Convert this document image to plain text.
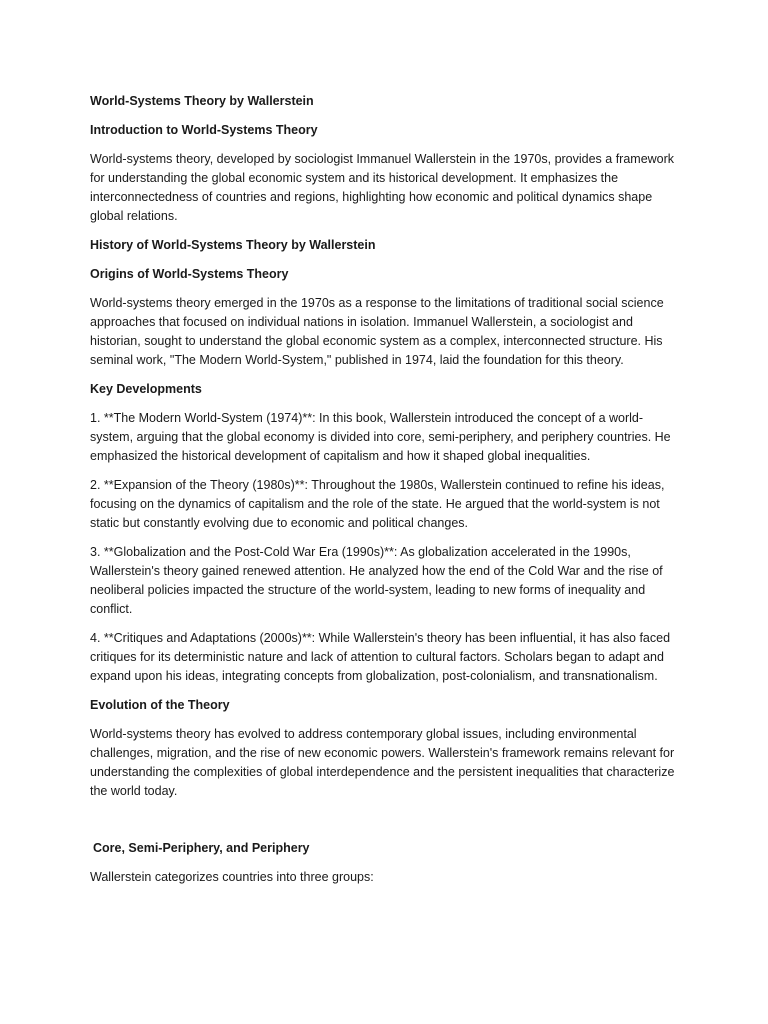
World-Systems Theory by Wallerstein

Introduction to World-Systems Theory

World-systems theory, developed by sociologist Immanuel Wallerstein in the 1970s, provides a framework for understanding the global economic system and its historical development. It emphasizes the interconnectedness of countries and regions, highlighting how economic and political dynamics shape global relations.

History of World-Systems Theory by Wallerstein

Origins of World-Systems Theory

World-systems theory emerged in the 1970s as a response to the limitations of traditional social science approaches that focused on individual nations in isolation. Immanuel Wallerstein, a sociologist and historian, sought to understand the global economic system as a complex, interconnected structure. His seminal work, "The Modern World-System," published in 1974, laid the foundation for this theory.

Key Developments

1. **The Modern World-System (1974)**: In this book, Wallerstein introduced the concept of a world-system, arguing that the global economy is divided into core, semi-periphery, and periphery countries. He emphasized the historical development of capitalism and how it shaped global inequalities.

2. **Expansion of the Theory (1980s)**: Throughout the 1980s, Wallerstein continued to refine his ideas, focusing on the dynamics of capitalism and the role of the state. He argued that the world-system is not static but constantly evolving due to economic and political changes.

3. **Globalization and the Post-Cold War Era (1990s)**: As globalization accelerated in the 1990s, Wallerstein's theory gained renewed attention. He analyzed how the end of the Cold War and the rise of neoliberal policies impacted the structure of the world-system, leading to new forms of inequality and conflict.

4. **Critiques and Adaptations (2000s)**: While Wallerstein's theory has been influential, it has also faced critiques for its deterministic nature and lack of attention to cultural factors. Scholars began to adapt and expand upon his ideas, integrating concepts from globalization, post-colonialism, and transnationalism.

Evolution of the Theory

World-systems theory has evolved to address contemporary global issues, including environmental challenges, migration, and the rise of new economic powers. Wallerstein's framework remains relevant for understanding the complexities of global interdependence and the persistent inequalities that characterize the world today.

Core, Semi-Periphery, and Periphery

Wallerstein categorizes countries into three groups:
